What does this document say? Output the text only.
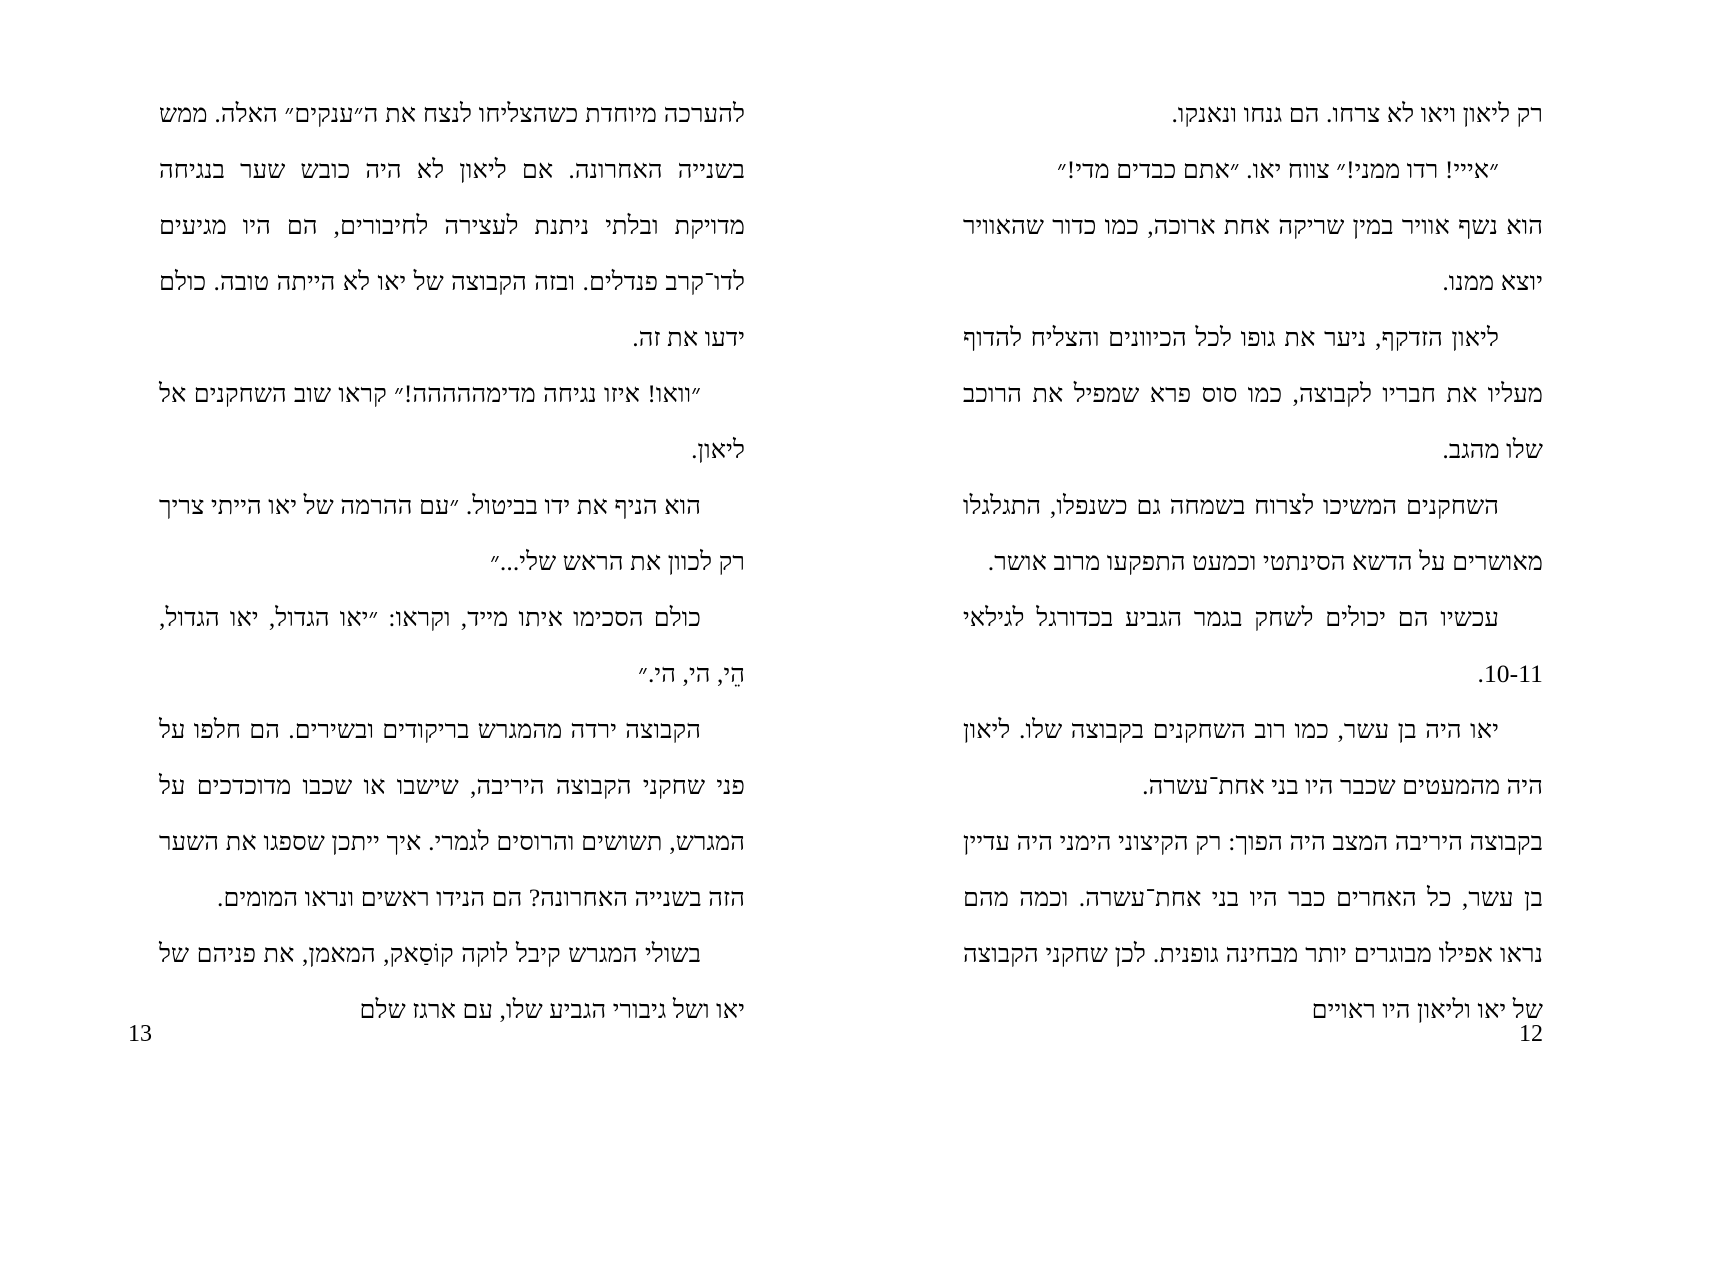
רק ליאון ויאו לא צרחו. הם גנחו ונאנקו.

״אייי! רדו ממני!״ צווח יאו. ״אתם כבדים מדי!״

הוא נשף אוויר במין שריקה אחת ארוכה, כמו כדור שהאוויר יוצא ממנו.

ליאון הזדקף, ניער את גופו לכל הכיוונים והצליח להדוף מעליו את חבריו לקבוצה, כמו סוס פרא שמפיל את הרוכב שלו מהגב.

השחקנים המשיכו לצרוח בשמחה גם כשנפלו, התגלגלו מאושרים על הדשא הסינתטי וכמעט התפקעו מרוב אושר.

עכשיו הם יכולים לשחק בגמר הגביע בכדורגל לגילאי 10-11.

יאו היה בן עשר, כמו רוב השחקנים בקבוצה שלו. ליאון היה מהמעטים שכבר היו בני אחת־עשרה.

בקבוצה היריבה המצב היה הפוך: רק הקיצוני הימני היה עדיין בן עשר, כל האחרים כבר היו בני אחת־עשרה. וכמה מהם נראו אפילו מבוגרים יותר מבחינה גופנית. לכן שחקני הקבוצה של יאו וליאון היו ראויים

12

להערכה מיוחדת כשהצליחו לנצח את ה״ענקים״ האלה. ממש בשנייה האחרונה. אם ליאון לא היה כובש שער בנגיחה מדויקת ובלתי ניתנת לעצירה לחיבורים, הם היו מגיעים לדו־קרב פנדלים. ובזה הקבוצה של יאו לא הייתה טובה. כולם ידעו את זה.

״וואו! איזו נגיחה מדימההההה!״ קראו שוב השחקנים אל ליאון.

הוא הניף את ידו בביטול. ״עם ההרמה של יאו הייתי צריך רק לכוון את הראש שלי...״

כולם הסכימו איתו מייד, וקראו: ״יאו הגדול, יאו הגדול, הֵי, הי, הי.״

הקבוצה ירדה מהמגרש בריקודים ובשירים. הם חלפו על פני שחקני הקבוצה היריבה, שישבו או שכבו מדוכדכים על המגרש, תשושים והרוסים לגמרי. איך ייתכן שספגו את השער הזה בשנייה האחרונה? הם הנידו ראשים ונראו המומים.

בשולי המגרש קיבל לוקה קוֹסַאק, המאמן, את פניהם של יאו ושל גיבורי הגביע שלו, עם ארגז שלם

13
